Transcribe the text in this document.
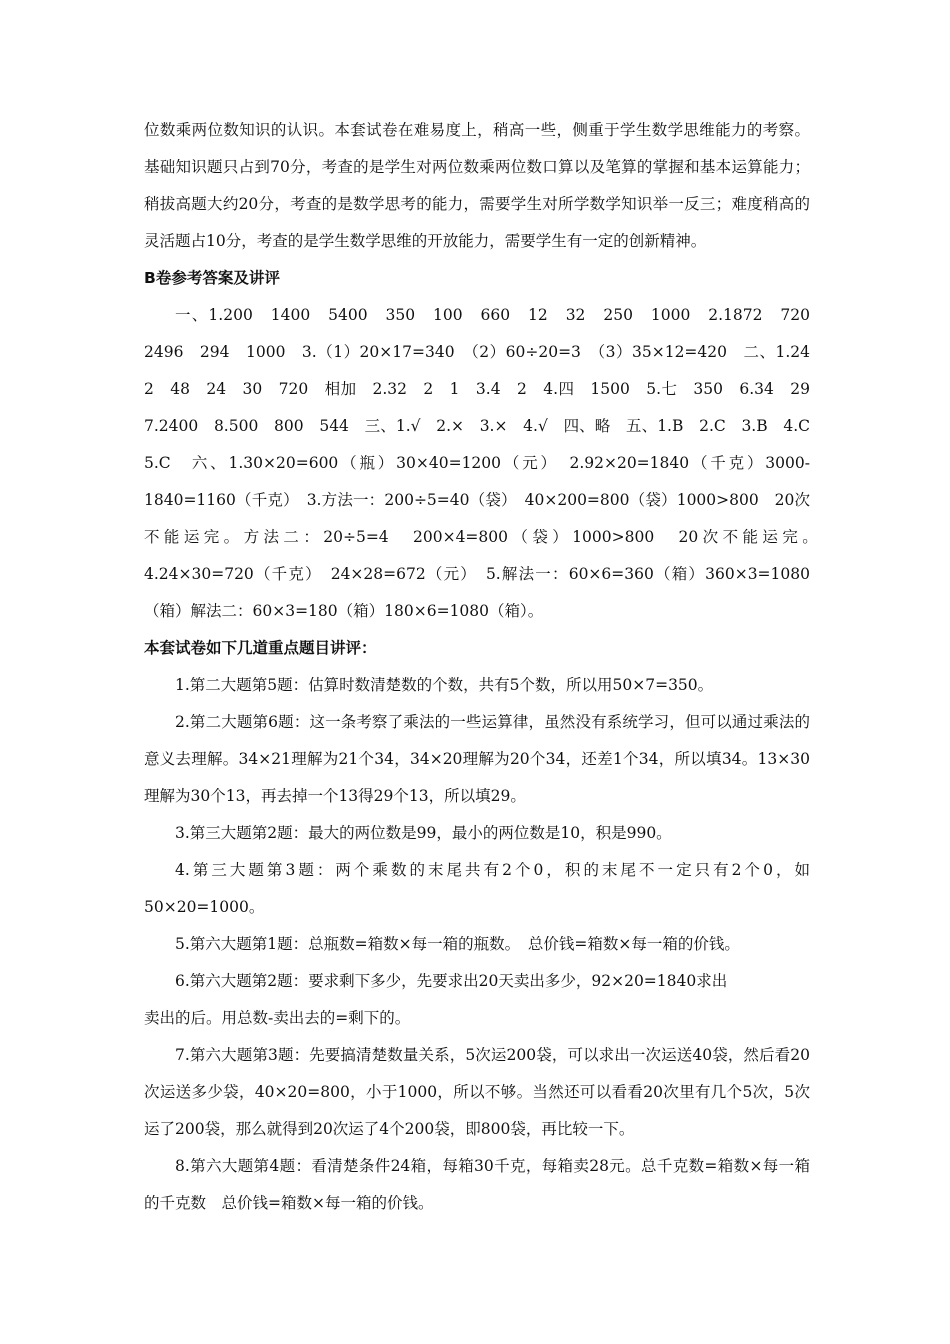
位数乘两位数知识的认识。本套试卷在难易度上，稍高一些，侧重于学生数学思维能力的考察。基础知识题只占到70分，考查的是学生对两位数乘两位数口算以及笔算的掌握和基本运算能力；稍拔高题大约20分，考查的是数学思考的能力，需要学生对所学数学知识举一反三；难度稍高的灵活题占10分，考查的是学生数学思维的开放能力，需要学生有一定的创新精神。

B卷参考答案及讲评

一、1.200　1400　5400　350　100　660　12　32　250　1000　2.1872　720　2496　294　1000　3.（1）20×17=340　（2）60÷20=3　（3）35×12=420　二、1.24　2　48　24　30　720　相加　2.32　2　1　3.4　2　4.四　1500　5.七　350　6.34　29　7.2400　8.500　800　544　三、1.√　2.×　3.×　4.√　四、略　五、1.B　2.C　3.B　4.C　5.C　六、1.30×20=600（瓶）30×40=1200（元）　2.92×20=1840（千克）3000-1840=1160（千克）　3.方法一：200÷5=40（袋）　40×200=800（袋）1000>800　20次不能运完。方法二：20÷5=4　200×4=800（袋）1000>800　20次不能运完。　4.24×30=720（千克）　24×28=672（元）　5.解法一：60×6=360（箱）360×3=1080（箱）解法二：60×3=180（箱）180×6=1080（箱）。

本套试卷如下几道重点题目讲评：

1.第二大题第5题：估算时数清楚数的个数，共有5个数，所以用50×7=350。

2.第二大题第6题：这一条考察了乘法的一些运算律，虽然没有系统学习，但可以通过乘法的意义去理解。34×21理解为21个34，34×20理解为20个34，还差1个34，所以填34。13×30理解为30个13，再去掉一个13得29个13，所以填29。

3.第三大题第2题：最大的两位数是99，最小的两位数是10，积是990。

4.第三大题第3题：两个乘数的末尾共有2个0，积的末尾不一定只有2个0，如50×20=1000。

5.第六大题第1题：总瓶数=箱数×每一箱的瓶数。　总价钱=箱数×每一箱的价钱。

6.第六大题第2题：要求剩下多少，先要求出20天卖出多少，92×20=1840求出

卖出的后。用总数-卖出去的=剩下的。

7.第六大题第3题：先要搞清楚数量关系，5次运200袋，可以求出一次运送40袋，然后看20次运送多少袋，40×20=800，小于1000，所以不够。当然还可以看看20次里有几个5次，5次运了200袋，那么就得到20次运了4个200袋，即800袋，再比较一下。

8.第六大题第4题：看清楚条件24箱，每箱30千克，每箱卖28元。总千克数=箱数×每一箱的千克数　总价钱=箱数×每一箱的价钱。
